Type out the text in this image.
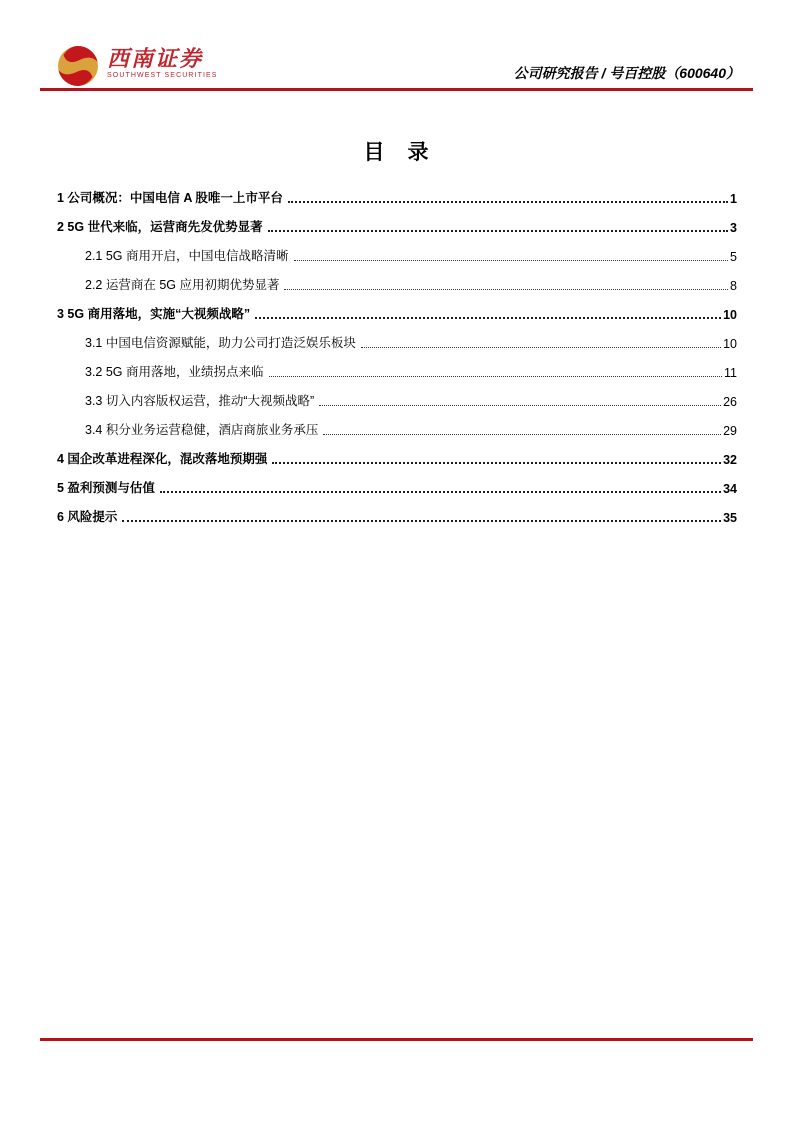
西南证券
SOUTHWEST SECURITIES	公司研究报告 / 号百控股（600640）
目　录
1 公司概况：中国电信 A 股唯一上市平台	1
2 5G 世代来临，运营商先发优势显著	3
2.1 5G 商用开启，中国电信战略清晰	5
2.2 运营商在 5G 应用初期优势显著	8
3 5G 商用落地，实施“大视频战略”	10
3.1 中国电信资源赋能，助力公司打造泛娱乐板块	10
3.2 5G 商用落地，业绩拐点来临	11
3.3 切入内容版权运营，推动“大视频战略”	26
3.4 积分业务运营稳健，酒店商旅业务承压	29
4 国企改革进程深化，混改落地预期强	32
5 盈利预测与估值	34
6 风险提示	35
